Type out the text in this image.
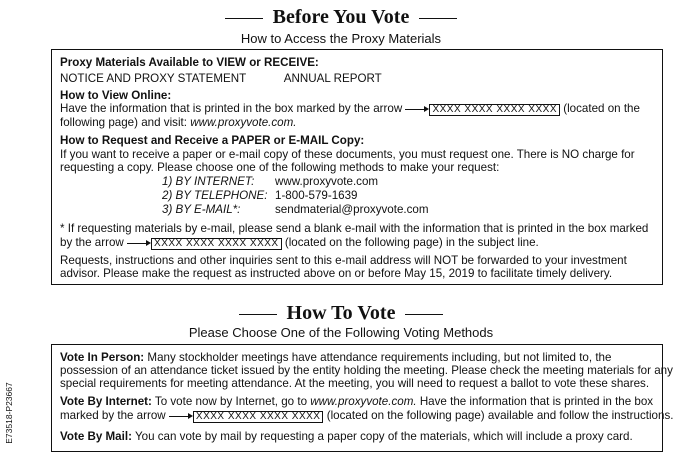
Before You Vote
How to Access the Proxy Materials
Proxy Materials Available to VIEW or RECEIVE:
NOTICE AND PROXY STATEMENT	ANNUAL REPORT
How to View Online:
Have the information that is printed in the box marked by the arrow	XXXX XXXX XXXX XXXX (located on the
following page) and visit: www.proxyvote.com.
How to Request and Receive a PAPER or E-MAIL Copy:
If you want to receive a paper or e-mail copy of these documents, you must request one. There is NO charge for
requesting a copy. Please choose one of the following methods to make your request:
1) BY INTERNET: www.proxyvote.com
2) BY TELEPHONE: 1-800-579-1639
3) BY E-MAIL*:	sendmaterial@proxyvote.com
* If requesting materials by e-mail, please send a blank e-mail with the information that is printed in the box marked
by the arrow	XXXX XXXX XXXX XXXX (located on the following page) in the subject line.
Requests, instructions and other inquiries sent to this e-mail address will NOT be forwarded to your investment
advisor. Please make the request as instructed above on or before May 15, 2019 to facilitate timely delivery.
How To Vote
Please Choose One of the Following Voting Methods
Vote In Person: Many stockholder meetings have attendance requirements including, but not limited to, the
possession of an attendance ticket issued by the entity holding the meeting. Please check the meeting materials for any
special requirements for meeting attendance. At the meeting, you will need to request a ballot to vote these shares.
Vote By Internet: To vote now by Internet, go to www.proxyvote.com. Have the information that is printed in the box
marked by the arrow	XXXX XXXX XXXX XXXX (located on the following page) available and follow the instructions.
Vote By Mail: You can vote by mail by requesting a paper copy of the materials, which will include a proxy card.
E73518-P23667
